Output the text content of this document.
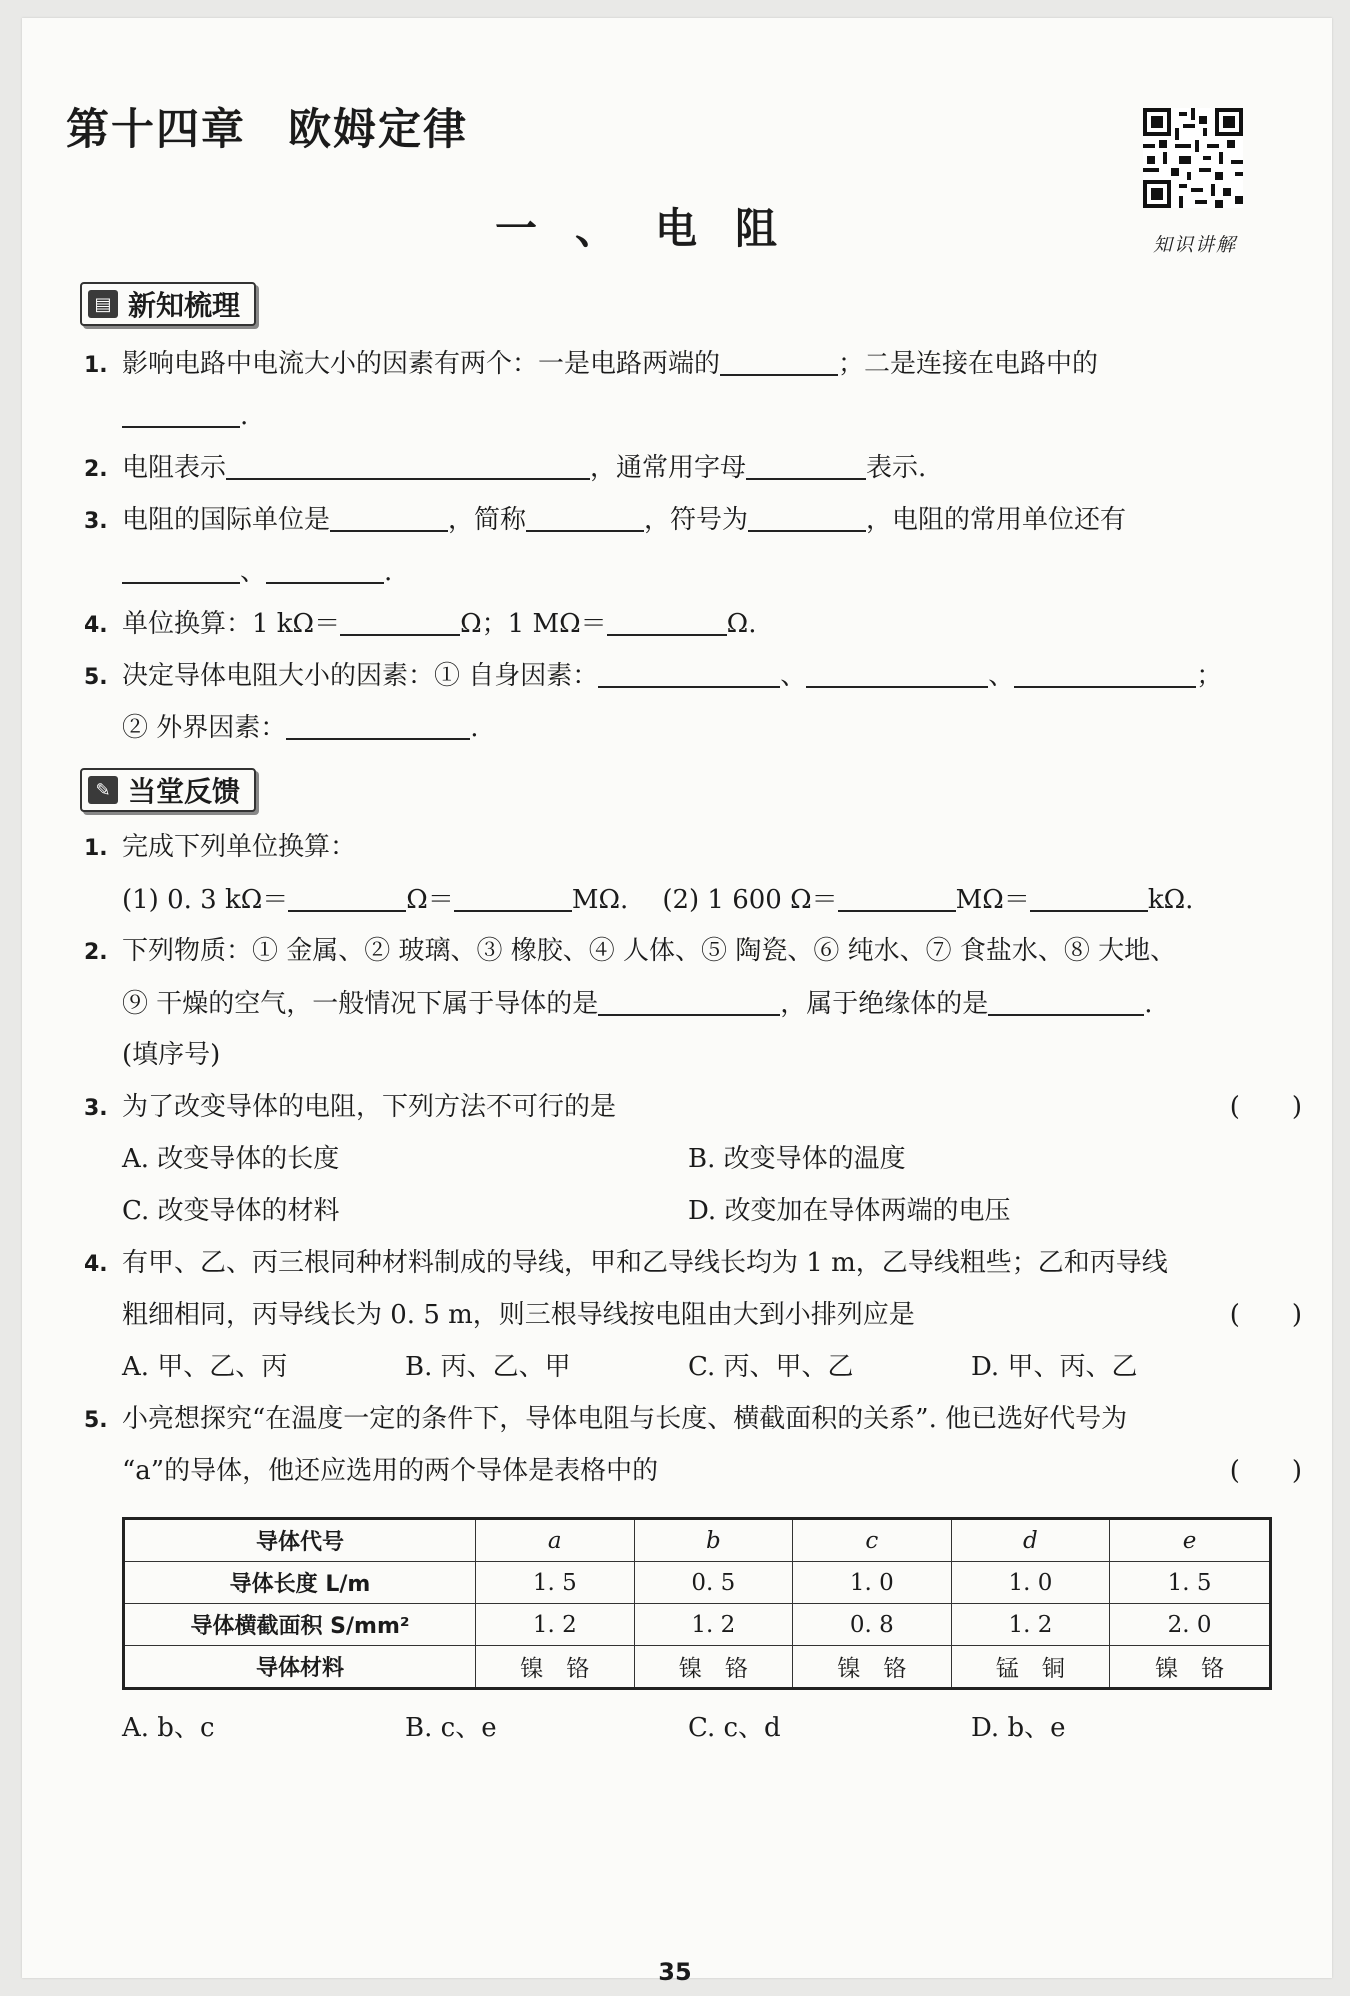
第十四章 欧姆定律
一、电阻	知识讲解
▤ 新知梳理
1. 影响电路中电流大小的因素有两个：一是电路两端的	；二是连接在电路中的
.
2. 电阻表示	，通常用字母	表示.
3. 电阻的国际单位是	，简称	，符号为	，电阻的常用单位还有
、	.
4. 单位换算：1 kΩ＝	Ω；1 MΩ＝	Ω.
5. 决定导体电阻大小的因素：① 自身因素：	、	、	；
② 外界因素：	.
✎ 当堂反馈
1. 完成下列单位换算：
(1) 0. 3 kΩ＝	Ω＝	MΩ. (2) 1 600 Ω＝	MΩ＝	kΩ.
2. 下列物质：① 金属、② 玻璃、③ 橡胶、④ 人体、⑤ 陶瓷、⑥ 纯水、⑦ 食盐水、⑧ 大地、
⑨ 干燥的空气，一般情况下属于导体的是	，属于绝缘体的是	.
(填序号)
3. 为了改变导体的电阻，下列方法不可行的是	(　　)
A. 改变导体的长度	B. 改变导体的温度
C. 改变导体的材料	D. 改变加在导体两端的电压
4. 有甲、乙、丙三根同种材料制成的导线，甲和乙导线长均为 1 m，乙导线粗些；乙和丙导线
粗细相同，丙导线长为 0. 5 m，则三根导线按电阻由大到小排列应是	(　　)
A. 甲、乙、丙	B. 丙、乙、甲	C. 丙、甲、乙	D. 甲、丙、乙
5. 小亮想探究“在温度一定的条件下，导体电阻与长度、横截面积的关系”. 他已选好代号为
“a”的导体，他还应选用的两个导体是表格中的	(　　)
导体代号	a	b	c	d	e
导体长度 L/m	1. 5	0. 5	1. 0	1. 0	1. 5
导体横截面积 S/mm²	1. 2	1. 2	0. 8	1. 2	2. 0
导体材料	镍　铬	镍　铬	镍　铬	锰　铜	镍　铬
A. b、c	B. c、e	C. c、d	D. b、e
35
